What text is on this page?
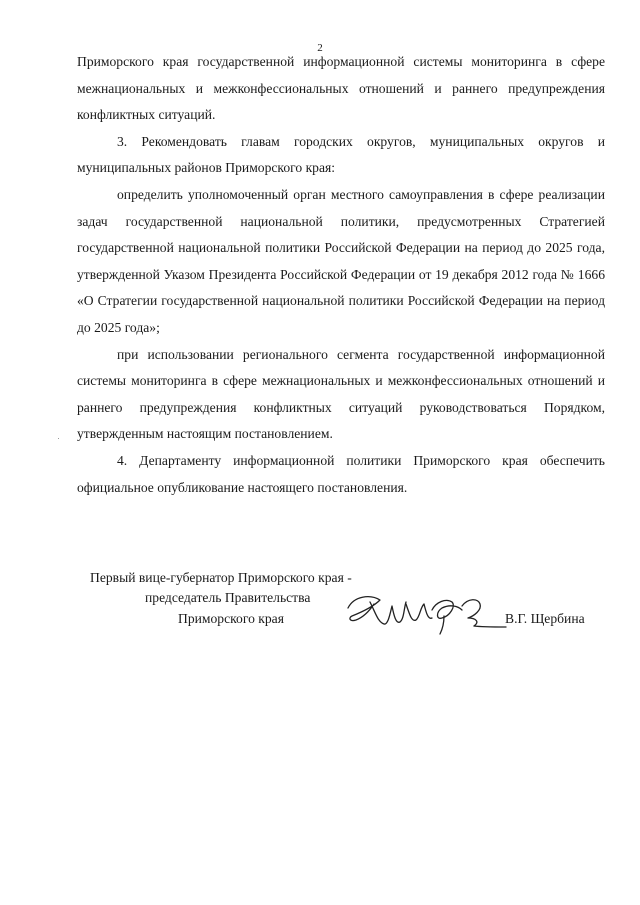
2

Приморского края государственной информационной системы мониторинга в сфере межнациональных и межконфессиональных отношений и раннего предупреждения конфликтных ситуаций.

3. Рекомендовать главам городских округов, муниципальных округов и муниципальных районов Приморского края:

определить уполномоченный орган местного самоуправления в сфере реализации задач государственной национальной политики, предусмотренных Стратегией государственной национальной политики Российской Федерации на период до 2025 года, утвержденной Указом Президента Российской Федерации от 19 декабря 2012 года № 1666 «О Стратегии государственной национальной политики Российской Федерации на период до 2025 года»;

при использовании регионального сегмента государственной информационной системы мониторинга в сфере межнациональных и межконфессиональных отношений и раннего предупреждения конфликтных ситуаций руководствоваться Порядком, утвержденным настоящим постановлением.

4. Департаменту информационной политики Приморского края обеспечить официальное опубликование настоящего постановления.

Первый вице-губернатор Приморского края -
председатель Правительства
Приморского края	В.Г. Щербина
